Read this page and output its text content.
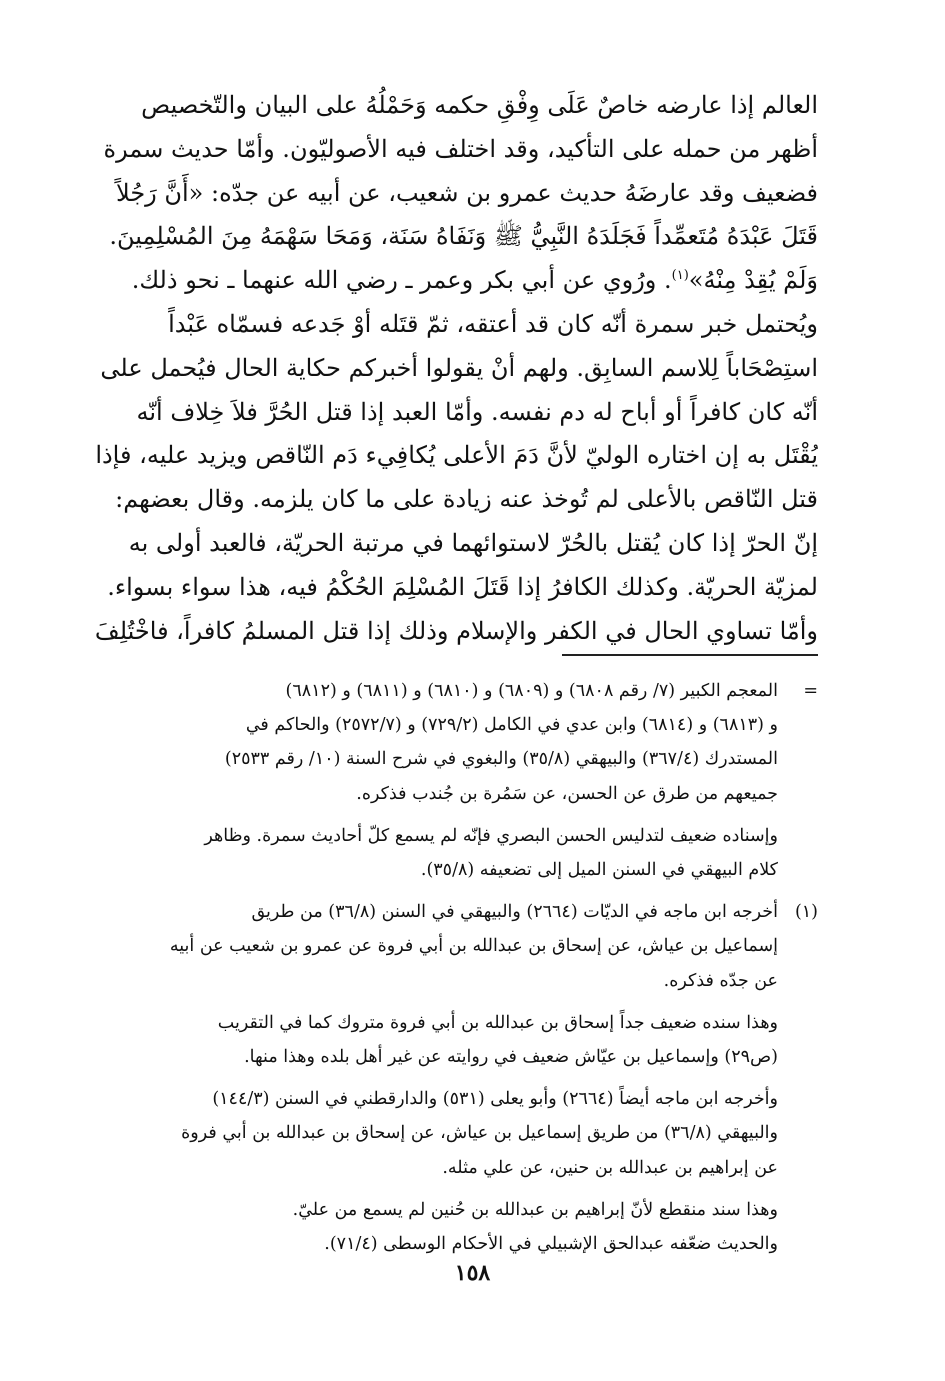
العالم إذا عارضه خاصٌ عَلَى وِفْقِ حكمه وَحَمْلُهُ على البيان والتّخصيص
أظهر من حمله على التأكيد، وقد اختلف فيه الأصوليّون. وأمّا حديث سمرة
فضعيف وقد عارضَهُ حديث عمرو بن شعيب، عن أبيه عن جدّه: «أَنَّ رَجُلاً
قَتَلَ عَبْدَهُ مُتَعمِّداً فَجَلَدَهُ النَّبِيُّ ﷺ وَنَفَاهُ سَنَة، وَمَحَا سَهْمَهُ مِنَ المُسْلِمِينَ.
وَلَمْ يُقِدْ مِنْهُ»$^{(١)}$. ورُوي عن أبي بكر وعمر ـ رضي الله عنهما ـ نحو ذلك.
ويُحتمل خبر سمرة أنّه كان قد أعتقه، ثمّ قتَله أوْ جَدعه فسمّاه عَبْداً
استِصْحَاباً لِلاسم السابِق. ولهم أنْ يقولوا أخبركم حكاية الحال فيُحمل على
أنّه كان كافراً أو أباح له دم نفسه. وأمّا العبد إذا قتل الحُرَّ فلاَ خِلاف أنّه
يُقْتَل به إن اختاره الوليّ لأنَّ دَمَ الأعلى يُكافِيء دَم النّاقص ويزيد عليه، فإذا
قتل النّاقص بالأعلى لم تُوخذ عنه زيادة على ما كان يلزمه. وقال بعضهم:
إنّ الحرّ إذا كان يُقتل بالحُرّ لاستوائهما في مرتبة الحريّة، فالعبد أولى به
لمزيّة الحريّة. وكذلك الكافرُ إذا قَتَلَ المُسْلِمَ الحُكْمُ فيه، هذا سواء بسواء.
وأمّا تساوي الحال في الكفر والإسلام وذلك إذا قتل المسلمُ كافراً، فاخْتُلِفَ
=
المعجم الكبير (٧/ رقم ٦٨٠٨) و (٦٨٠٩) و (٦٨١٠) و (٦٨١١) و (٦٨١٢)
و (٦٨١٣) و (٦٨١٤) وابن عدي في الكامل (٧٢٩/٢) و (٢٥٧٢/٧) والحاكم في
المستدرك (٣٦٧/٤) والبيهقي (٣٥/٨) والبغوي في شرح السنة (١٠/ رقم ٢٥٣٣)
جميعهم من طرق عن الحسن، عن سَمُرة بن جُندب فذكره.
وإسناده ضعيف لتدليس الحسن البصري فإنّه لم يسمع كلّ أحاديث سمرة. وظاهر
كلام البيهقي في السنن الميل إلى تضعيفه (٣٥/٨).
(١)
أخرجه ابن ماجه في الديّات (٢٦٦٤) والبيهقي في السنن (٣٦/٨) من طريق
إسماعيل بن عياش، عن إسحاق بن عبدالله بن أبي فروة عن عمرو بن شعيب عن أبيه
عن جدّه فذكره.
وهذا سنده ضعيف جداً إسحاق بن عبدالله بن أبي فروة متروك كما في التقريب
(ص٢٩) وإسماعيل بن عيّاش ضعيف في روايته عن غير أهل بلده وهذا منها.
وأخرجه ابن ماجه أيضاً (٢٦٦٤) وأبو يعلى (٥٣١) والدارقطني في السنن (١٤٤/٣)
والبيهقي (٣٦/٨) من طريق إسماعيل بن عياش، عن إسحاق بن عبدالله بن أبي فروة
عن إبراهيم بن عبدالله بن حنين، عن علي مثله.
وهذا سند منقطع لأنّ إبراهيم بن عبدالله بن حُنين لم يسمع من عليّ.
والحديث ضعّفه عبدالحق الإشبيلي في الأحكام الوسطى (٧١/٤).
١٥٨
